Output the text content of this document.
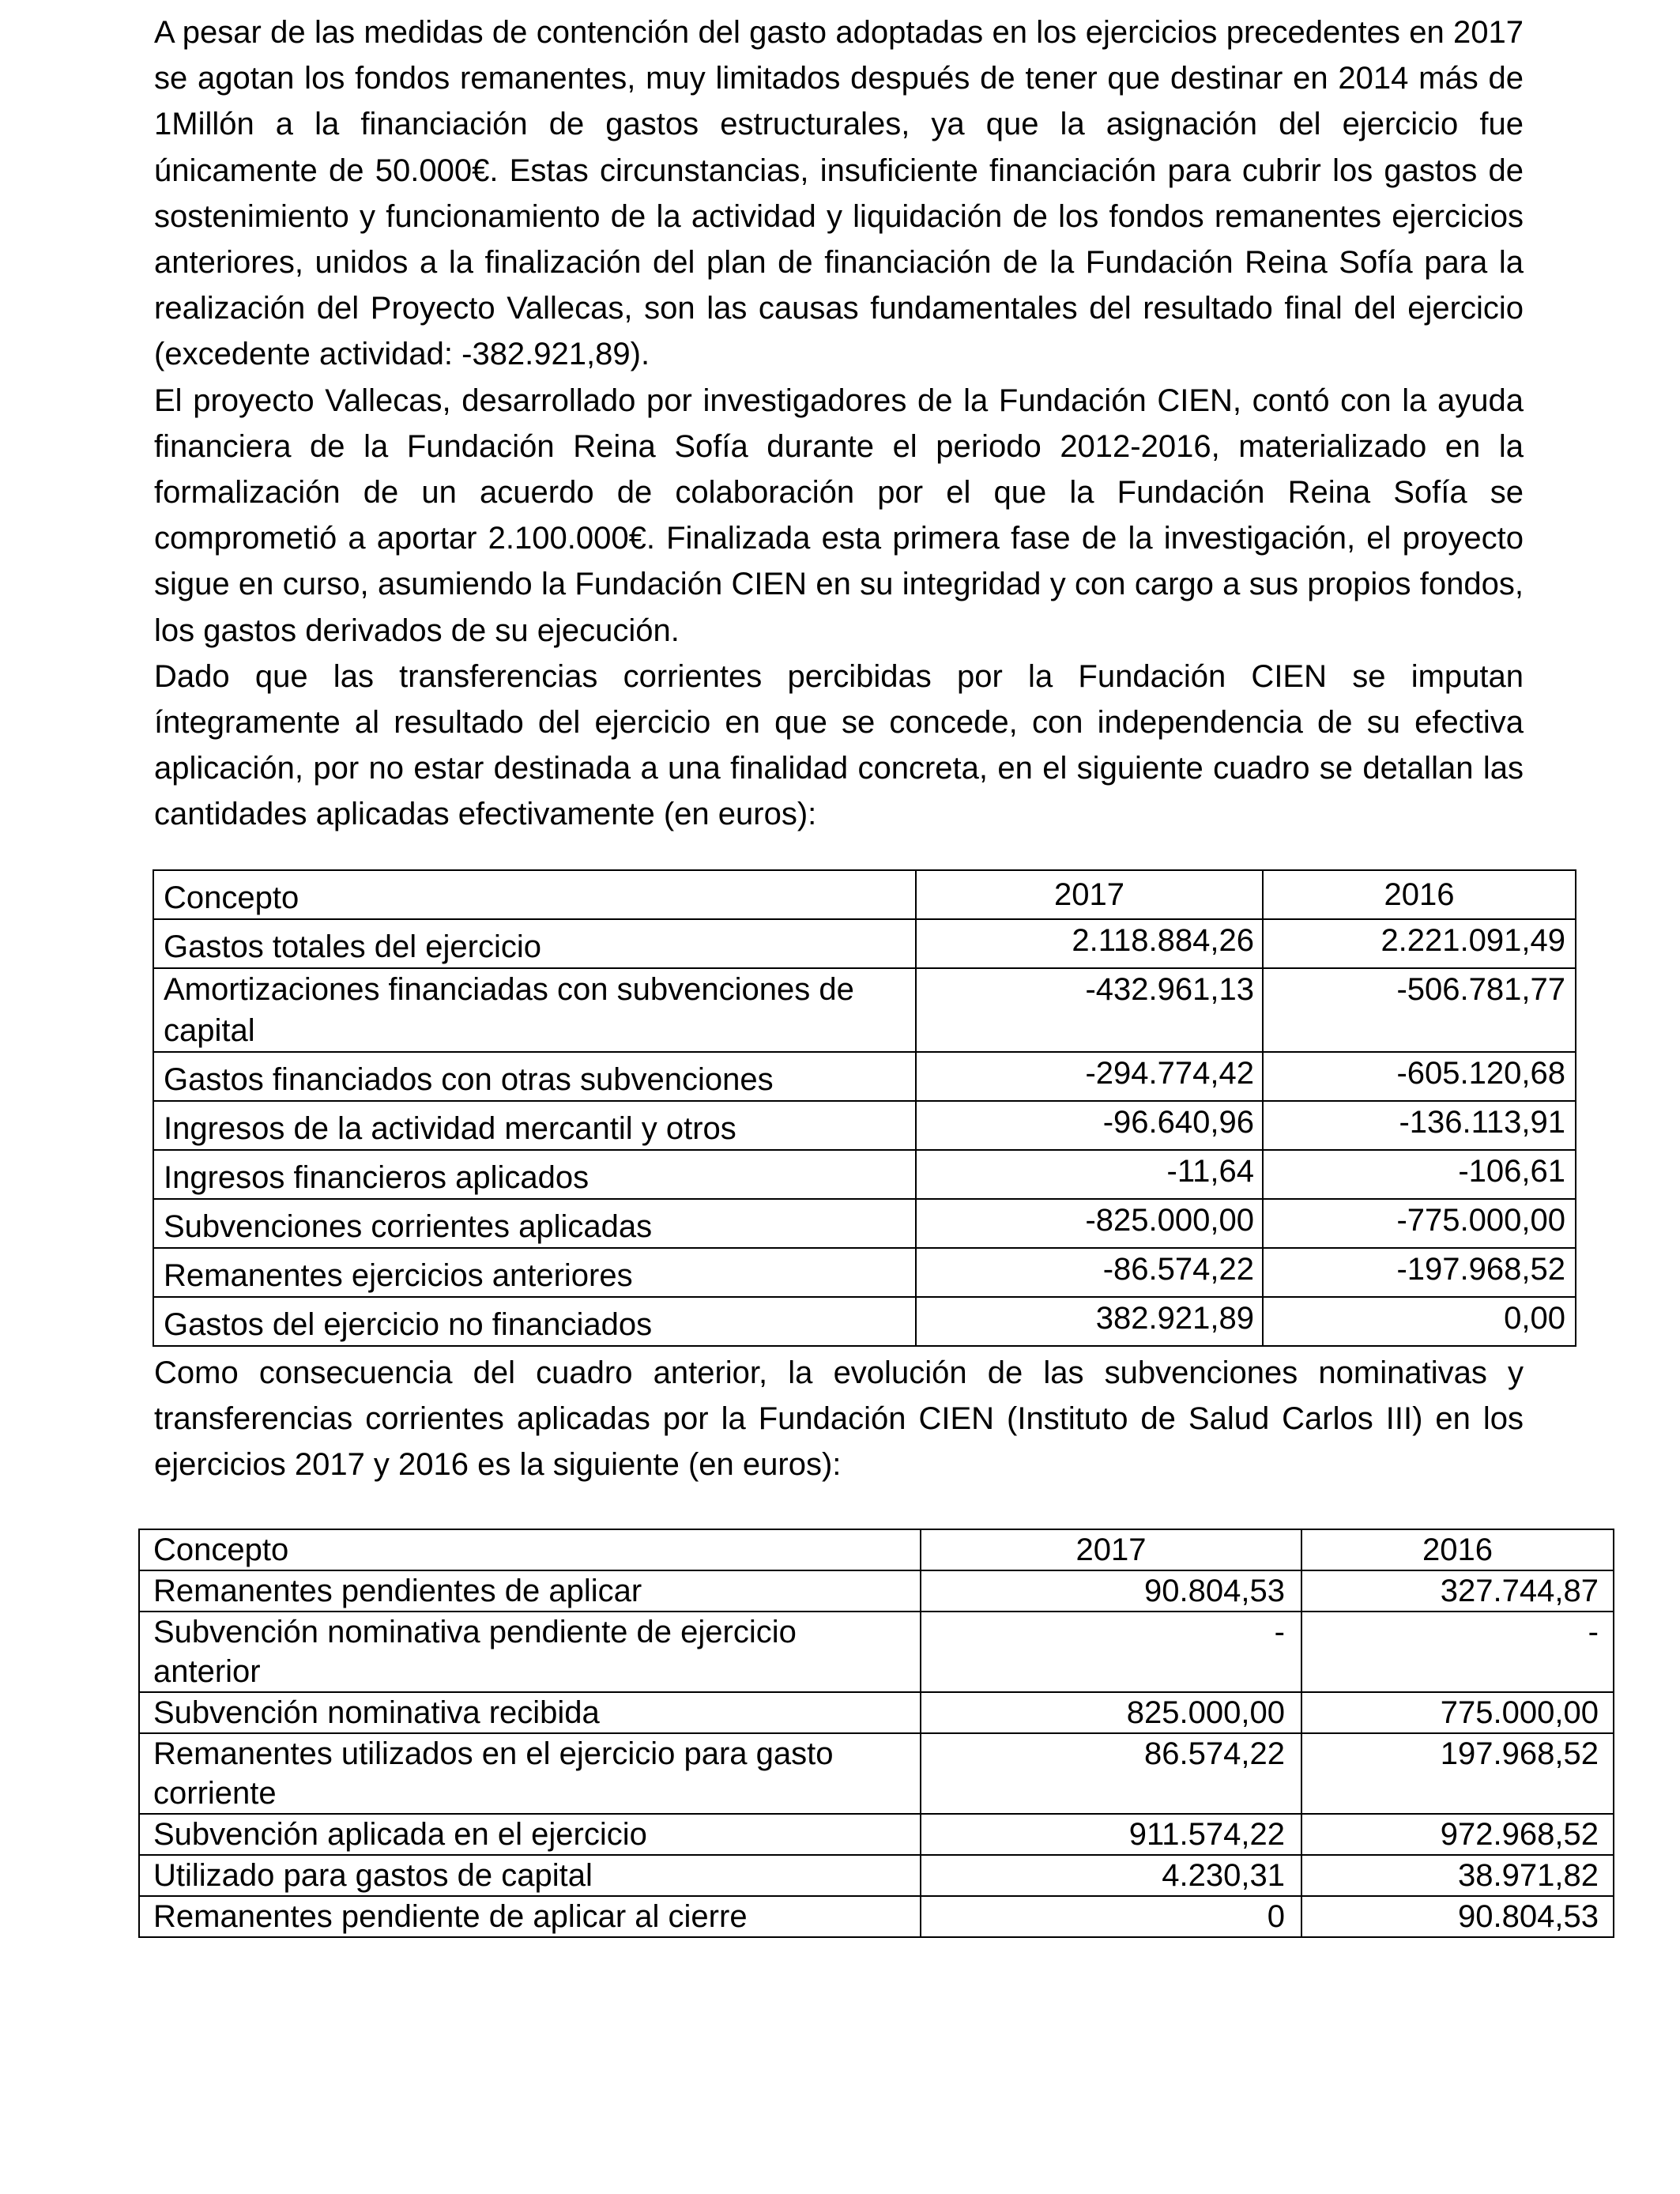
A pesar de las medidas de contención del gasto adoptadas en los ejercicios precedentes en 2017 se agotan los fondos remanentes, muy limitados después de tener que destinar en 2014 más de 1Millón a la financiación de gastos estructurales, ya que la asignación del ejercicio fue únicamente de 50.000€. Estas circunstancias, insuficiente financiación para cubrir los gastos de sostenimiento y funcionamiento de la actividad y liquidación de los fondos remanentes ejercicios anteriores, unidos a la finalización del plan de financiación de la Fundación Reina Sofía para la realización del Proyecto Vallecas, son las causas fundamentales del resultado final del ejercicio (excedente actividad: -382.921,89).
El proyecto Vallecas, desarrollado por investigadores de la Fundación CIEN, contó con la ayuda financiera de la Fundación Reina Sofía durante el periodo 2012-2016, materializado en la formalización de un acuerdo de colaboración por el que la Fundación Reina Sofía se comprometió a aportar 2.100.000€. Finalizada esta primera fase de la investigación, el proyecto sigue en curso, asumiendo la Fundación CIEN en su integridad y con cargo a sus propios fondos, los gastos derivados de su ejecución.
Dado que las transferencias corrientes percibidas por la Fundación CIEN se imputan íntegramente al resultado del ejercicio en que se concede, con independencia de su efectiva aplicación, por no estar destinada a una finalidad concreta, en el siguiente cuadro se detallan las cantidades aplicadas efectivamente (en euros):
Concepto	2017	2016
Gastos totales del ejercicio	2.118.884,26	2.221.091,49
Amortizaciones financiadas con subvenciones de capital	-432.961,13	-506.781,77
Gastos financiados con otras subvenciones	-294.774,42	-605.120,68
Ingresos de la actividad mercantil y otros	-96.640,96	-136.113,91
Ingresos financieros aplicados	-11,64	-106,61
Subvenciones corrientes aplicadas	-825.000,00	-775.000,00
Remanentes ejercicios anteriores	-86.574,22	-197.968,52
Gastos del ejercicio no financiados	382.921,89	0,00

Como consecuencia del cuadro anterior, la evolución de las subvenciones nominativas y transferencias corrientes aplicadas por la Fundación CIEN (Instituto de Salud Carlos III) en los ejercicios 2017 y 2016 es la siguiente (en euros):

Concepto	2017	2016
Remanentes pendientes de aplicar	90.804,53	327.744,87
Subvención nominativa pendiente de ejercicio anterior	-	-
Subvención nominativa recibida	825.000,00	775.000,00
Remanentes utilizados en el ejercicio para gasto corriente	86.574,22	197.968,52
Subvención aplicada en el ejercicio	911.574,22	972.968,52
Utilizado para gastos de capital	4.230,31	38.971,82
Remanentes pendiente de aplicar al cierre	0	90.804,53
